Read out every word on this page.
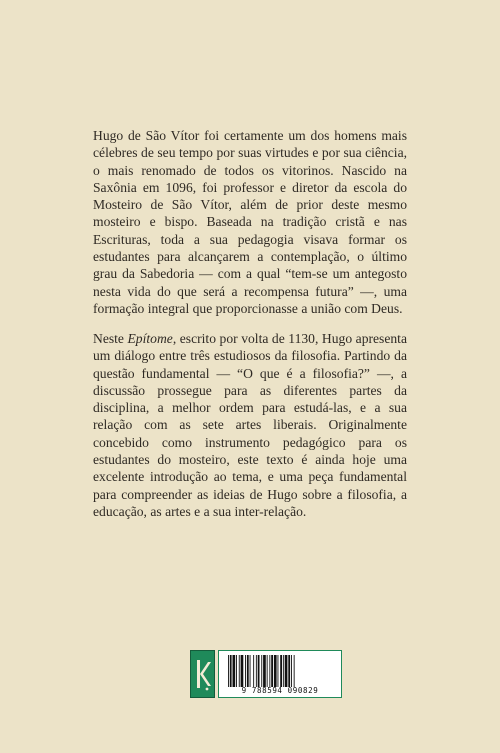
Hugo de São Vítor foi certamente um dos homens mais célebres de seu tempo por suas virtudes e por sua ciência, o mais renomado de todos os vitorinos. Nascido na Saxônia em 1096, foi professor e diretor da escola do Mosteiro de São Vítor, além de prior deste mesmo mosteiro e bispo. Baseada na tradição cristã e nas Escrituras, toda a sua pedagogia visava formar os estudantes para alcançarem a contemplação, o último grau da Sabedoria — com a qual “tem-se um antegosto nesta vida do que será a recompensa futura” —, uma formação integral que proporcionasse a união com Deus.

Neste Epítome, escrito por volta de 1130, Hugo apresenta um diálogo entre três estudiosos da filosofia. Partindo da questão fundamental — “O que é a filosofia?” —, a discussão prossegue para as diferentes partes da disciplina, a melhor ordem para estudá-las, e a sua relação com as sete artes liberais. Originalmente concebido como instrumento pedagógico para os estudantes do mosteiro, este texto é ainda hoje uma excelente introdução ao tema, e uma peça fundamental para compreender as ideias de Hugo sobre a filosofia, a educação, as artes e a sua inter-relação.

9 788594 090829
